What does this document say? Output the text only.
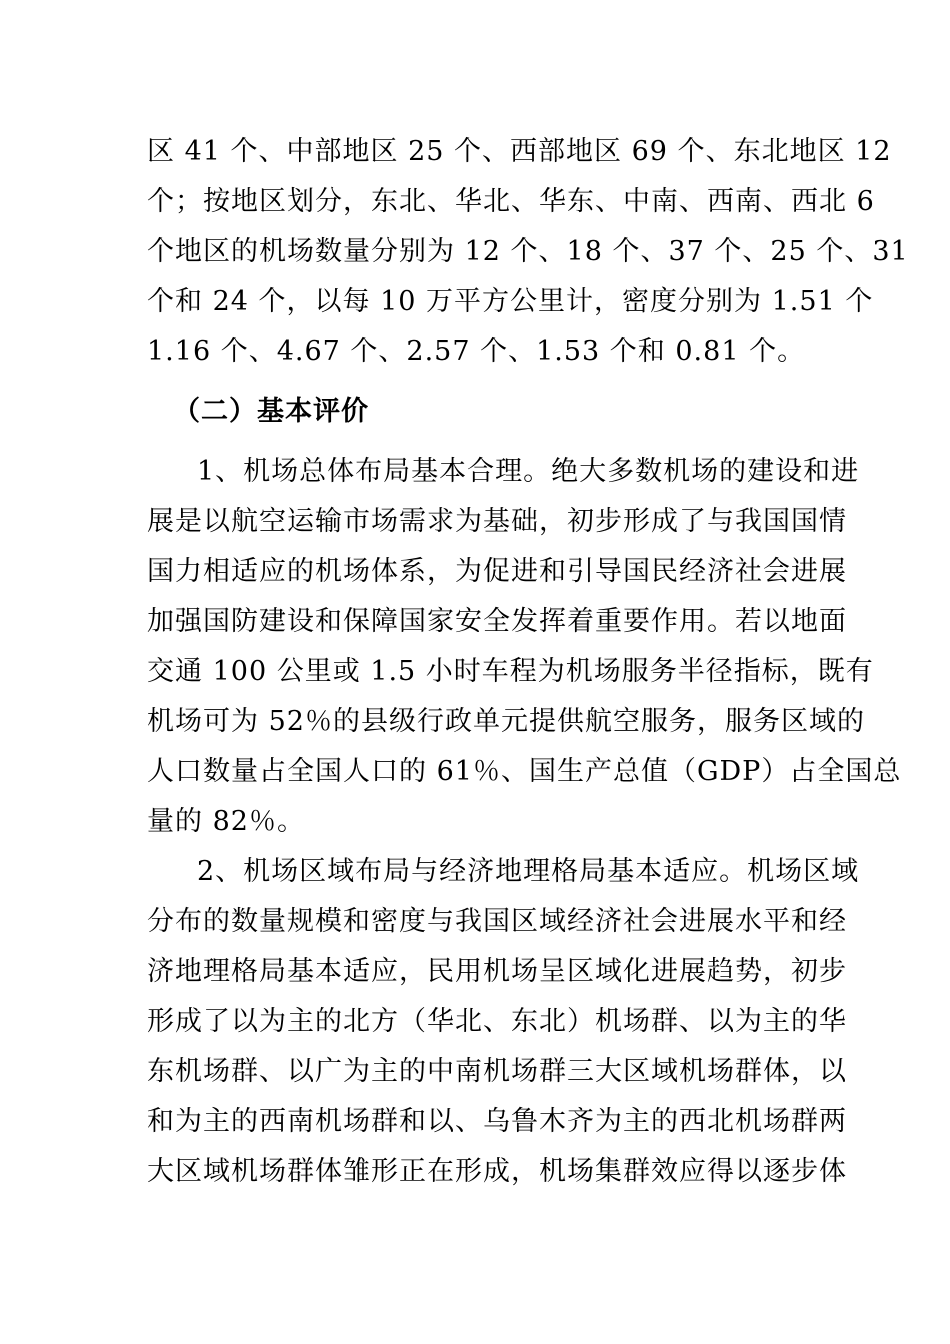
区 41 个、中部地区 25 个、西部地区 69 个、东北地区 12
个；按地区划分，东北、华北、华东、中南、西南、西北 6
个地区的机场数量分别为 12 个、18 个、37 个、25 个、31
个和 24 个，以每 10 万平方公里计，密度分别为 1.51 个
1.16 个、4.67 个、2.57 个、1.53 个和 0.81 个。
（二）基本评价
1、机场总体布局基本合理。绝大多数机场的建设和进
展是以航空运输市场需求为基础，初步形成了与我国国情
国力相适应的机场体系，为促进和引导国民经济社会进展
加强国防建设和保障国家安全发挥着重要作用。若以地面
交通 100 公里或 1.5 小时车程为机场服务半径指标，既有
机场可为 52％的县级行政单元提供航空服务，服务区域的
人口数量占全国人口的 61％、国生产总值（GDP）占全国总
量的 82％。
2、机场区域布局与经济地理格局基本适应。机场区域
分布的数量规模和密度与我国区域经济社会进展水平和经
济地理格局基本适应，民用机场呈区域化进展趋势，初步
形成了以为主的北方（华北、东北）机场群、以为主的华
东机场群、以广为主的中南机场群三大区域机场群体，以
和为主的西南机场群和以、乌鲁木齐为主的西北机场群两
大区域机场群体雏形正在形成，机场集群效应得以逐步体
